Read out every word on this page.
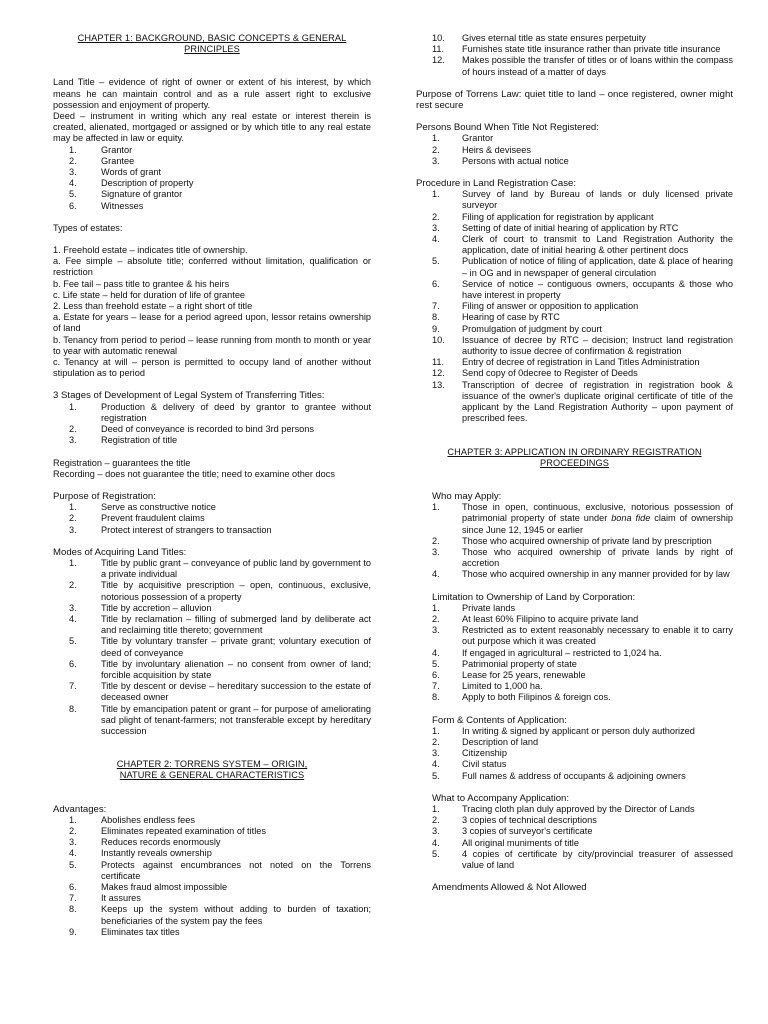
CHAPTER 1: BACKGROUND, BASIC CONCEPTS & GENERAL PRINCIPLES

Land Title – evidence of right of owner or extent of his interest, by which means he can maintain control and as a rule assert right to exclusive possession and enjoyment of property.

Deed – instrument in writing which any real estate or interest therein is created, alienated, mortgaged or assigned or by which title to any real estate may be affected in law or equity.

1.	Grantor
2.	Grantee
3.	Words of grant
4.	Description of property
5.	Signature of grantor
6.	Witnesses

Types of estates:

1. Freehold estate – indicates title of ownership.

a. Fee simple – absolute title; conferred without limitation, qualification or restriction

b. Fee tail – pass title to grantee & his heirs

c. Life state – held for duration of life of grantee

2. Less than freehold estate – a right short of title

a. Estate for years – lease for a period agreed upon, lessor retains ownership of land

b. Tenancy from period to period – lease running from month to month or year to year with automatic renewal

c. Tenancy at will – person is permitted to occupy land of another without stipulation as to period

3 Stages of Development of Legal System of Transferring Titles:

1.	Production & delivery of deed by grantor to grantee without registration
2.	Deed of conveyance is recorded to bind 3rd persons
3.	Registration of title

Registration – guarantees the title

Recording – does not guarantee the title; need to examine other docs

Purpose of Registration:

1.	Serve as constructive notice
2.	Prevent fraudulent claims
3.	Protect interest of strangers to transaction

Modes of Acquiring Land Titles:

1.	Title by public grant – conveyance of public land by government to a private individual
2.	Title by acquisitive prescription – open, continuous, exclusive, notorious possession of a property
3.	Title by accretion – alluvion
4.	Title by reclamation – filling of submerged land by deliberate act and reclaiming title thereto; government
5.	Title by voluntary transfer – private grant; voluntary execution of deed of conveyance
6.	Title by involuntary alienation – no consent from owner of land; forcible acquisition by state
7.	Title by descent or devise – hereditary succession to the estate of deceased owner
8.	Title by emancipation patent or grant – for purpose of ameliorating sad plight of tenant-farmers; not transferable except by hereditary succession

CHAPTER 2: TORRENS SYSTEM – ORIGIN, NATURE & GENERAL CHARACTERISTICS

Advantages:

1.	Abolishes endless fees
2.	Eliminates repeated examination of titles
3.	Reduces records enormously
4.	Instantly reveals ownership
5.	Protects against encumbrances not noted on the Torrens certificate
6.	Makes fraud almost impossible
7.	It assures
8.	Keeps up the system without adding to burden of taxation; beneficiaries of the system pay the fees
9.	Eliminates tax titles
10.	Gives eternal title as state ensures perpetuity
11.	Furnishes state title insurance rather than private title insurance
12.	Makes possible the transfer of titles or of loans within the compass of hours instead of a matter of days

Purpose of Torrens Law: quiet title to land – once registered, owner might rest secure

Persons Bound When Title Not Registered:

1.	Grantor
2.	Heirs & devisees
3.	Persons with actual notice

Procedure in Land Registration Case:

1.	Survey of land by Bureau of lands or duly licensed private surveyor
2.	Filing of application for registration by applicant
3.	Setting of date of initial hearing of application by RTC
4.	Clerk of court to transmit to Land Registration Authority the application, date of initial hearing & other pertinent docs
5.	Publication of notice of filing of application, date & place of hearing – in OG and in newspaper of general circulation
6.	Service of notice – contiguous owners, occupants & those who have interest in property
7.	Filing of answer or opposition to application
8.	Hearing of case by RTC
9.	Promulgation of judgment by court
10.	Issuance of decree by RTC – decision; Instruct land registration authority to issue decree of confirmation & registration
11.	Entry of decree of registration in Land Titles Administration
12.	Send copy of 0decree to Register of Deeds
13.	Transcription of decree of registration in registration book & issuance of the owner's duplicate original certificate of title of the applicant by the Land Registration Authority – upon payment of prescribed fees.

CHAPTER 3: APPLICATION IN ORDINARY REGISTRATION PROCEEDINGS

Who may Apply:

1.	Those in open, continuous, exclusive, notorious possession of patrimonial property of state under bona fide claim of ownership since June 12, 1945 or earlier
2.	Those who acquired ownership of private land by prescription
3.	Those who acquired ownership of private lands by right of accretion
4.	Those who acquired ownership in any manner provided for by law

Limitation to Ownership of Land by Corporation:

1.	Private lands
2.	At least 60% Filipino to acquire private land
3.	Restricted as to extent reasonably necessary to enable it to carry out purpose which it was created
4.	If engaged in agricultural – restricted to 1,024 ha.
5.	Patrimonial property of state
6.	Lease for 25 years, renewable
7.	Limited to 1,000 ha.
8.	Apply to both Filipinos & foreign cos.

Form & Contents of Application:

1.	In writing & signed by applicant or person duly authorized
2.	Description of land
3.	Citizenship
4.	Civil status
5.	Full names & address of occupants & adjoining owners

What to Accompany Application:

1.	Tracing cloth plan duly approved by the Director of Lands
2.	3 copies of technical descriptions
3.	3 copies of surveyor's certificate
4.	All original muniments of title
5.	4 copies of certificate by city/provincial treasurer of assessed value of land

Amendments Allowed & Not Allowed
